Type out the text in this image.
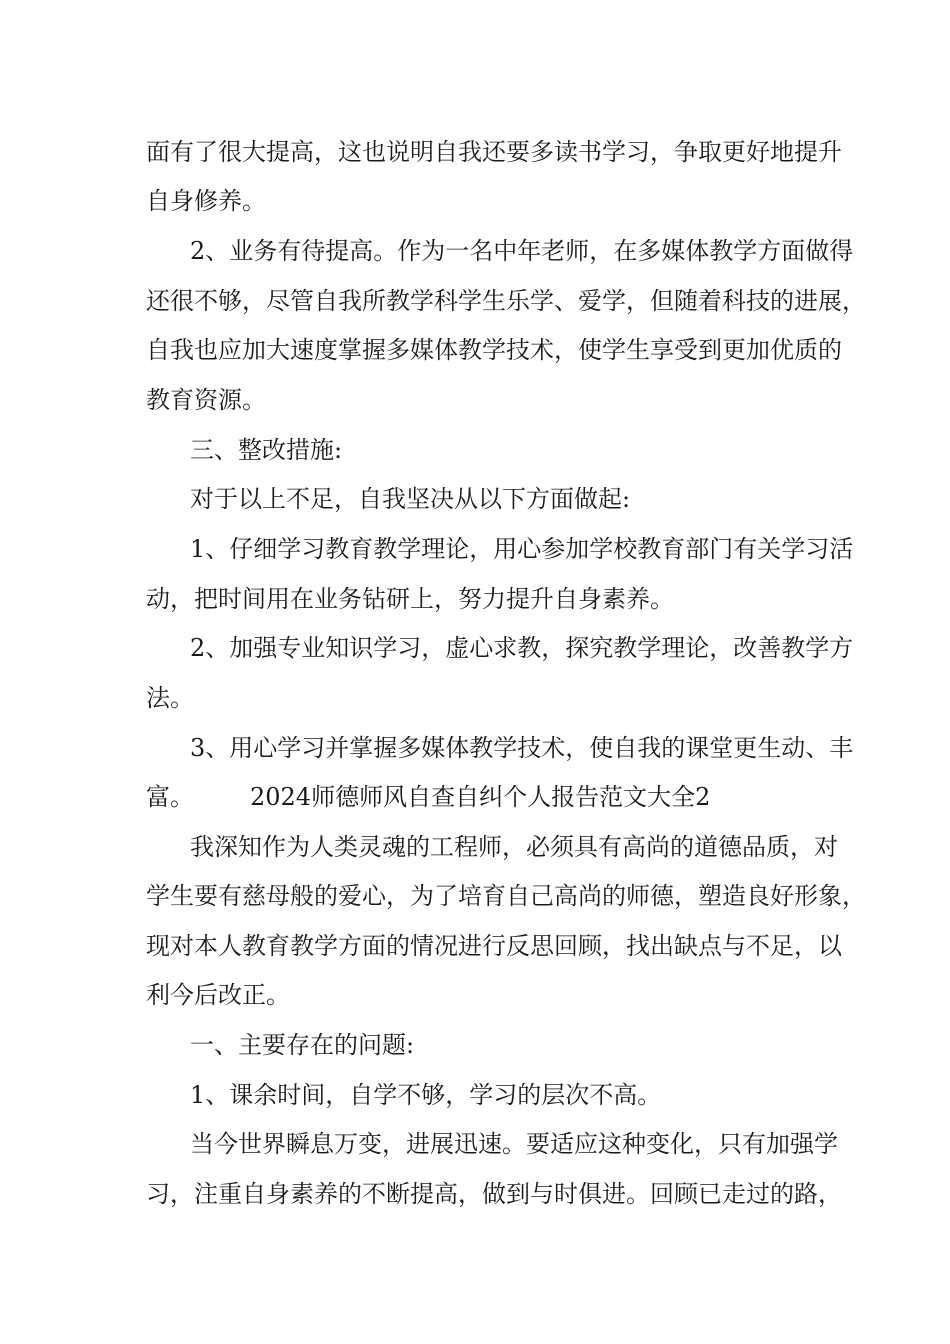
面有了很大提高，这也说明自我还要多读书学习，争取更好地提升
自身修养。
2、业务有待提高。作为一名中年老师，在多媒体教学方面做得
还很不够，尽管自我所教学科学生乐学、爱学，但随着科技的进展，
自我也应加大速度掌握多媒体教学技术，使学生享受到更加优质的
教育资源。
三、整改措施:
对于以上不足，自我坚决从以下方面做起:
1、仔细学习教育教学理论，用心参加学校教育部门有关学习活
动，把时间用在业务钻研上，努力提升自身素养。
2、加强专业知识学习，虚心求教，探究教学理论，改善教学方
法。
3、用心学习并掌握多媒体教学技术，使自我的课堂更生动、丰
富。 2024师德师风自查自纠个人报告范文大全2
我深知作为人类灵魂的工程师，必须具有高尚的道德品质，对
学生要有慈母般的爱心，为了培育自己高尚的师德，塑造良好形象，
现对本人教育教学方面的情况进行反思回顾，找出缺点与不足，以
利今后改正。
一、主要存在的问题:
1、课余时间，自学不够，学习的层次不高。
当今世界瞬息万变，进展迅速。要适应这种变化，只有加强学
习，注重自身素养的不断提高，做到与时俱进。回顾已走过的路，
